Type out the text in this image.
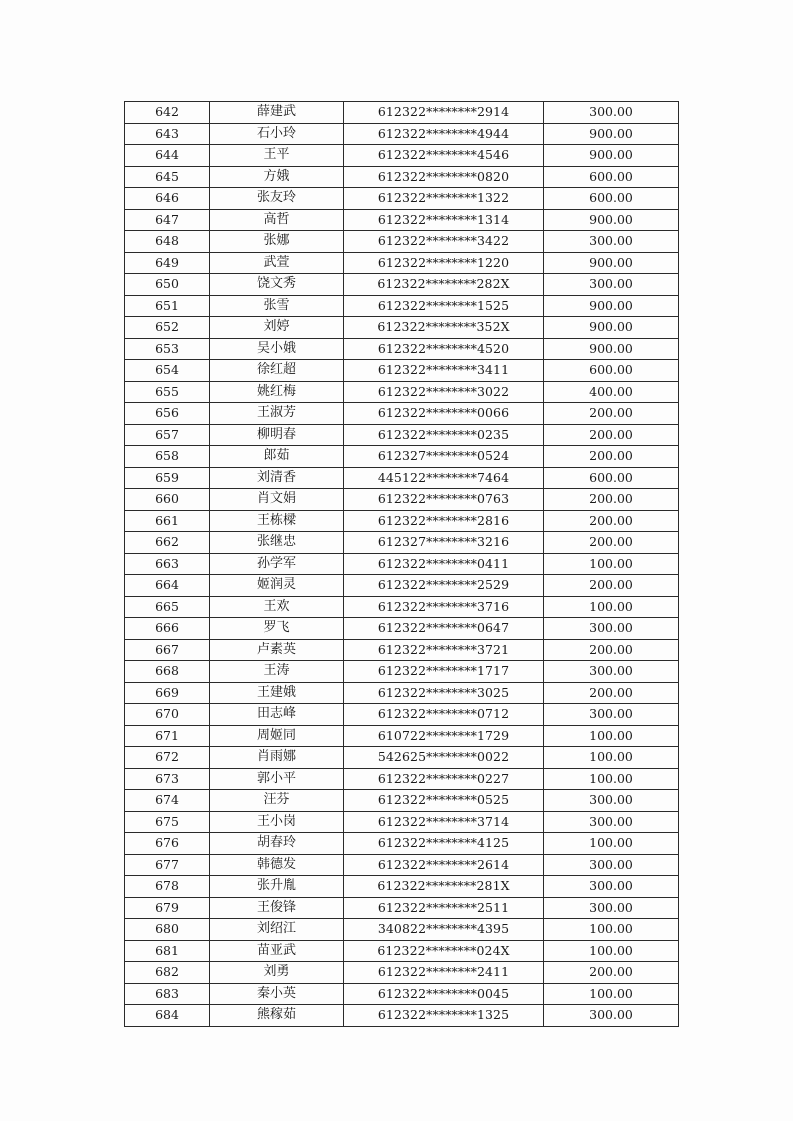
642	薛建武	612322********2914	300.00
643	石小玲	612322********4944	900.00
644	王平	612322********4546	900.00
645	方娥	612322********0820	600.00
646	张友玲	612322********1322	600.00
647	高哲	612322********1314	900.00
648	张娜	612322********3422	300.00
649	武萱	612322********1220	900.00
650	饶文秀	612322********282X	300.00
651	张雪	612322********1525	900.00
652	刘婷	612322********352X	900.00
653	吴小娥	612322********4520	900.00
654	徐红超	612322********3411	600.00
655	姚红梅	612322********3022	400.00
656	王淑芳	612322********0066	200.00
657	柳明春	612322********0235	200.00
658	郎茹	612327********0524	200.00
659	刘清香	445122********7464	600.00
660	肖文娟	612322********0763	200.00
661	王栋樑	612322********2816	200.00
662	张继忠	612327********3216	200.00
663	孙学军	612322********0411	100.00
664	姬润灵	612322********2529	200.00
665	王欢	612322********3716	100.00
666	罗飞	612322********0647	300.00
667	卢素英	612322********3721	200.00
668	王涛	612322********1717	300.00
669	王建娥	612322********3025	200.00
670	田志峰	612322********0712	300.00
671	周姬同	610722********1729	100.00
672	肖雨娜	542625********0022	100.00
673	郭小平	612322********0227	100.00
674	汪芬	612322********0525	300.00
675	王小岗	612322********3714	300.00
676	胡春玲	612322********4125	100.00
677	韩德发	612322********2614	300.00
678	张升胤	612322********281X	300.00
679	王俊锋	612322********2511	300.00
680	刘绍江	340822********4395	100.00
681	苗亚武	612322********024X	100.00
682	刘勇	612322********2411	200.00
683	秦小英	612322********0045	100.00
684	熊稼茹	612322********1325	300.00
